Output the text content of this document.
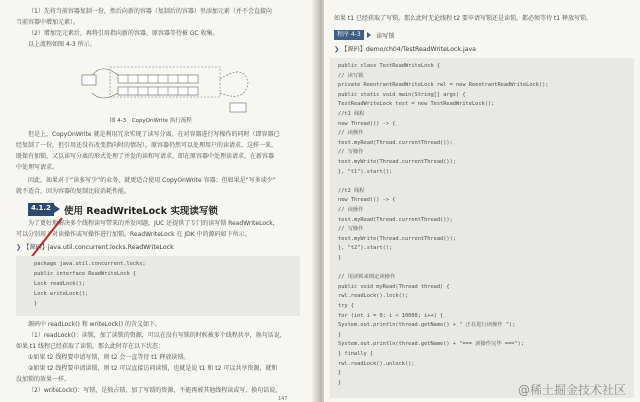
（1）先将当前容器复制一份，然后向新的容器（复制后的容器）里添加元素（并不会直接向
当前容器中增加元素）。
（2）增加完元素后，再将引用指向新的容器，原容器等待被 GC 收集。
以上流程如图 4-3 所示。
图 4-3　CopyOnWrite 执行流程
但是上，CopyOnWrite 就是利用冗余实现了读写分离，在对容器进行写操作的同时（即容器已
经复制了一份，但引用还没有改变指向时的情况），原容器仍然可以处理用户的读请求，这样一来，
既保有加锁，又以读写分离的形式处理了并发的读和写请求，即在原容器中处理读请求，在新容器
中处理写请求。
因此，如果对于“读多写少”的业务，就更适合使用 CopyOnWrite 容器；但如果是“写多读少”
就不适合，因为容器的复制比较消耗性能。
4.1.2 使用 ReadWriteLock 实现读写锁
为了更好地解决多个线程读写带来的并发问题，JUC 还提供了专门的读写锁 ReadWriteLock，
可以分别用于对读操作或写操作进行加锁。ReadWriteLock 在 JDK 中的源码如下所示。
❯ 【源码】java.util.concurrent.locks.ReadWriteLock
package java.util.concurrent.locks;
public interface ReadWriteLock {
Lock readLock();
Lock writeLock();
}
源码中 readLock() 和 writeLock() 的含义如下。
（1）readLock()：读锁，加了读锁的资源，可以在没有写锁的时候被多个线程共享，换句话说，
如果 t1 线程已经获取了读锁，那么此时存在以下状态：
①如果 t2 线程要申请写锁，则 t2 会一直等待 t1 释放读锁。
②如果 t2 线程要申请读锁，则 t2 可以直接访问读锁，也就是说 t1 和 t2 可以共享资源，就和
没加锁的效果一样。
（2）writeLock()：写锁，是独占锁，加了写锁的资源，不能再被其他线程读或写，换句话说，
147
如果 t1 已经获取了写锁，那么此时无论线程 t2 要申请写锁还是读锁，都必须等待 t1 释放写锁。
程序 4-3	读写锁
❯ 【源码】demo/ch04/TestReadWriteLock.java
public class TestReadWriteLock {
// 读写锁
private ReentrantReadWriteLock rwl = new ReentrantReadWriteLock();
public static void main(String[] args) {
TestReadWriteLock test = new TestReadWriteLock();
//t1 线程
new Thread(() -> {
// 读操作
test.myRead(Thread.currentThread());
// 写操作
test.myWrite(Thread.currentThread());
}, "t1").start();
//t2 线程
new Thread(() -> {
// 读操作
test.myRead(Thread.currentThread());
// 写操作
test.myWrite(Thread.currentThread());
}, "t2").start();
}
// 用读锁来锁定读操作
public void myRead(Thread thread) {
rwl.readLock().lock();
try {
for (int i = 0; i < 10000; i++) {
System.out.println(thread.getName() + " 正在进行读操作 ");
}
System.out.println(thread.getName() + "=== 读操作完毕 ===");
} finally {
rwl.readLock().unlock();
}
}
@稀土掘金技术社区
